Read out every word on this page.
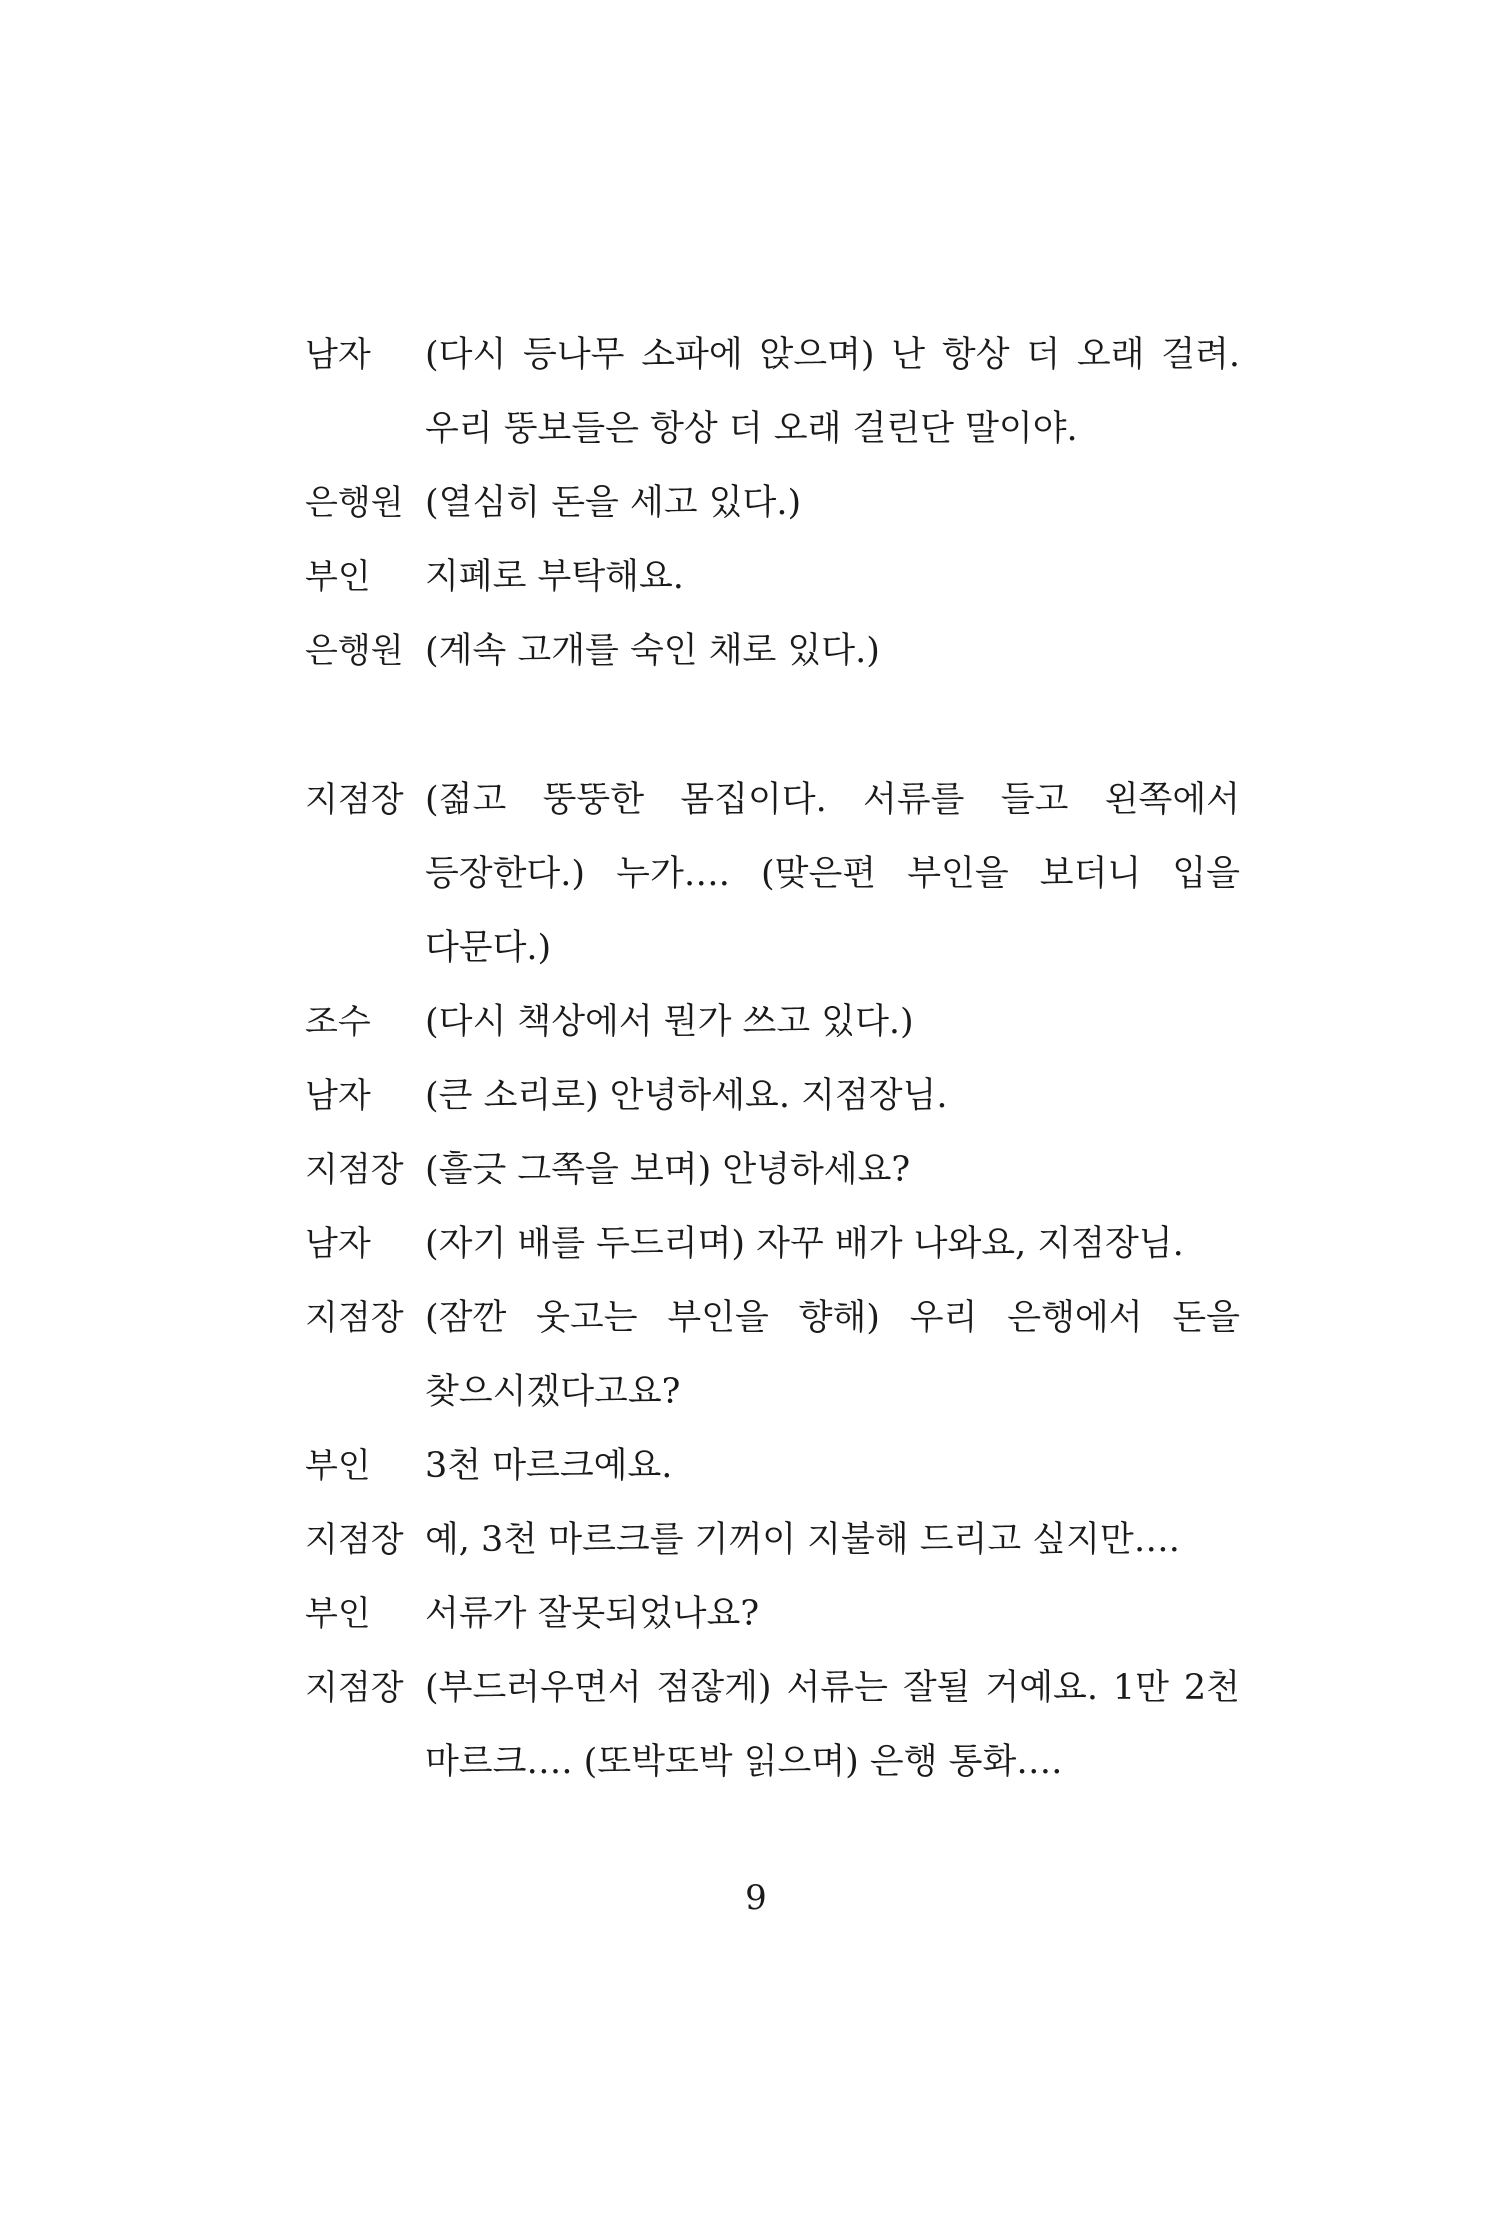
남자	(다시 등나무 소파에 앉으며) 난 항상 더 오래 걸려. 우리 뚱보들은 항상 더 오래 걸린단 말이야.
은행원 (열심히 돈을 세고 있다.)
부인	지폐로 부탁해요.
은행원 (계속 고개를 숙인 채로 있다.)
지점장 (젊고 뚱뚱한 몸집이다. 서류를 들고 왼쪽에서 등장한다.) 누가…. (맞은편 부인을 보더니 입을 다문다.)
조수	(다시 책상에서 뭔가 쓰고 있다.)
남자	(큰 소리로) 안녕하세요. 지점장님.
지점장 (흘긋 그쪽을 보며) 안녕하세요?
남자	(자기 배를 두드리며) 자꾸 배가 나와요, 지점장님.
지점장 (잠깐 웃고는 부인을 향해) 우리 은행에서 돈을 찾으시겠다고요?
부인	3천 마르크예요.
지점장 예, 3천 마르크를 기꺼이 지불해 드리고 싶지만….
부인	서류가 잘못되었나요?
지점장 (부드러우면서 점잖게) 서류는 잘될 거예요. 1만 2천 마르크…. (또박또박 읽으며) 은행 통화….
9
